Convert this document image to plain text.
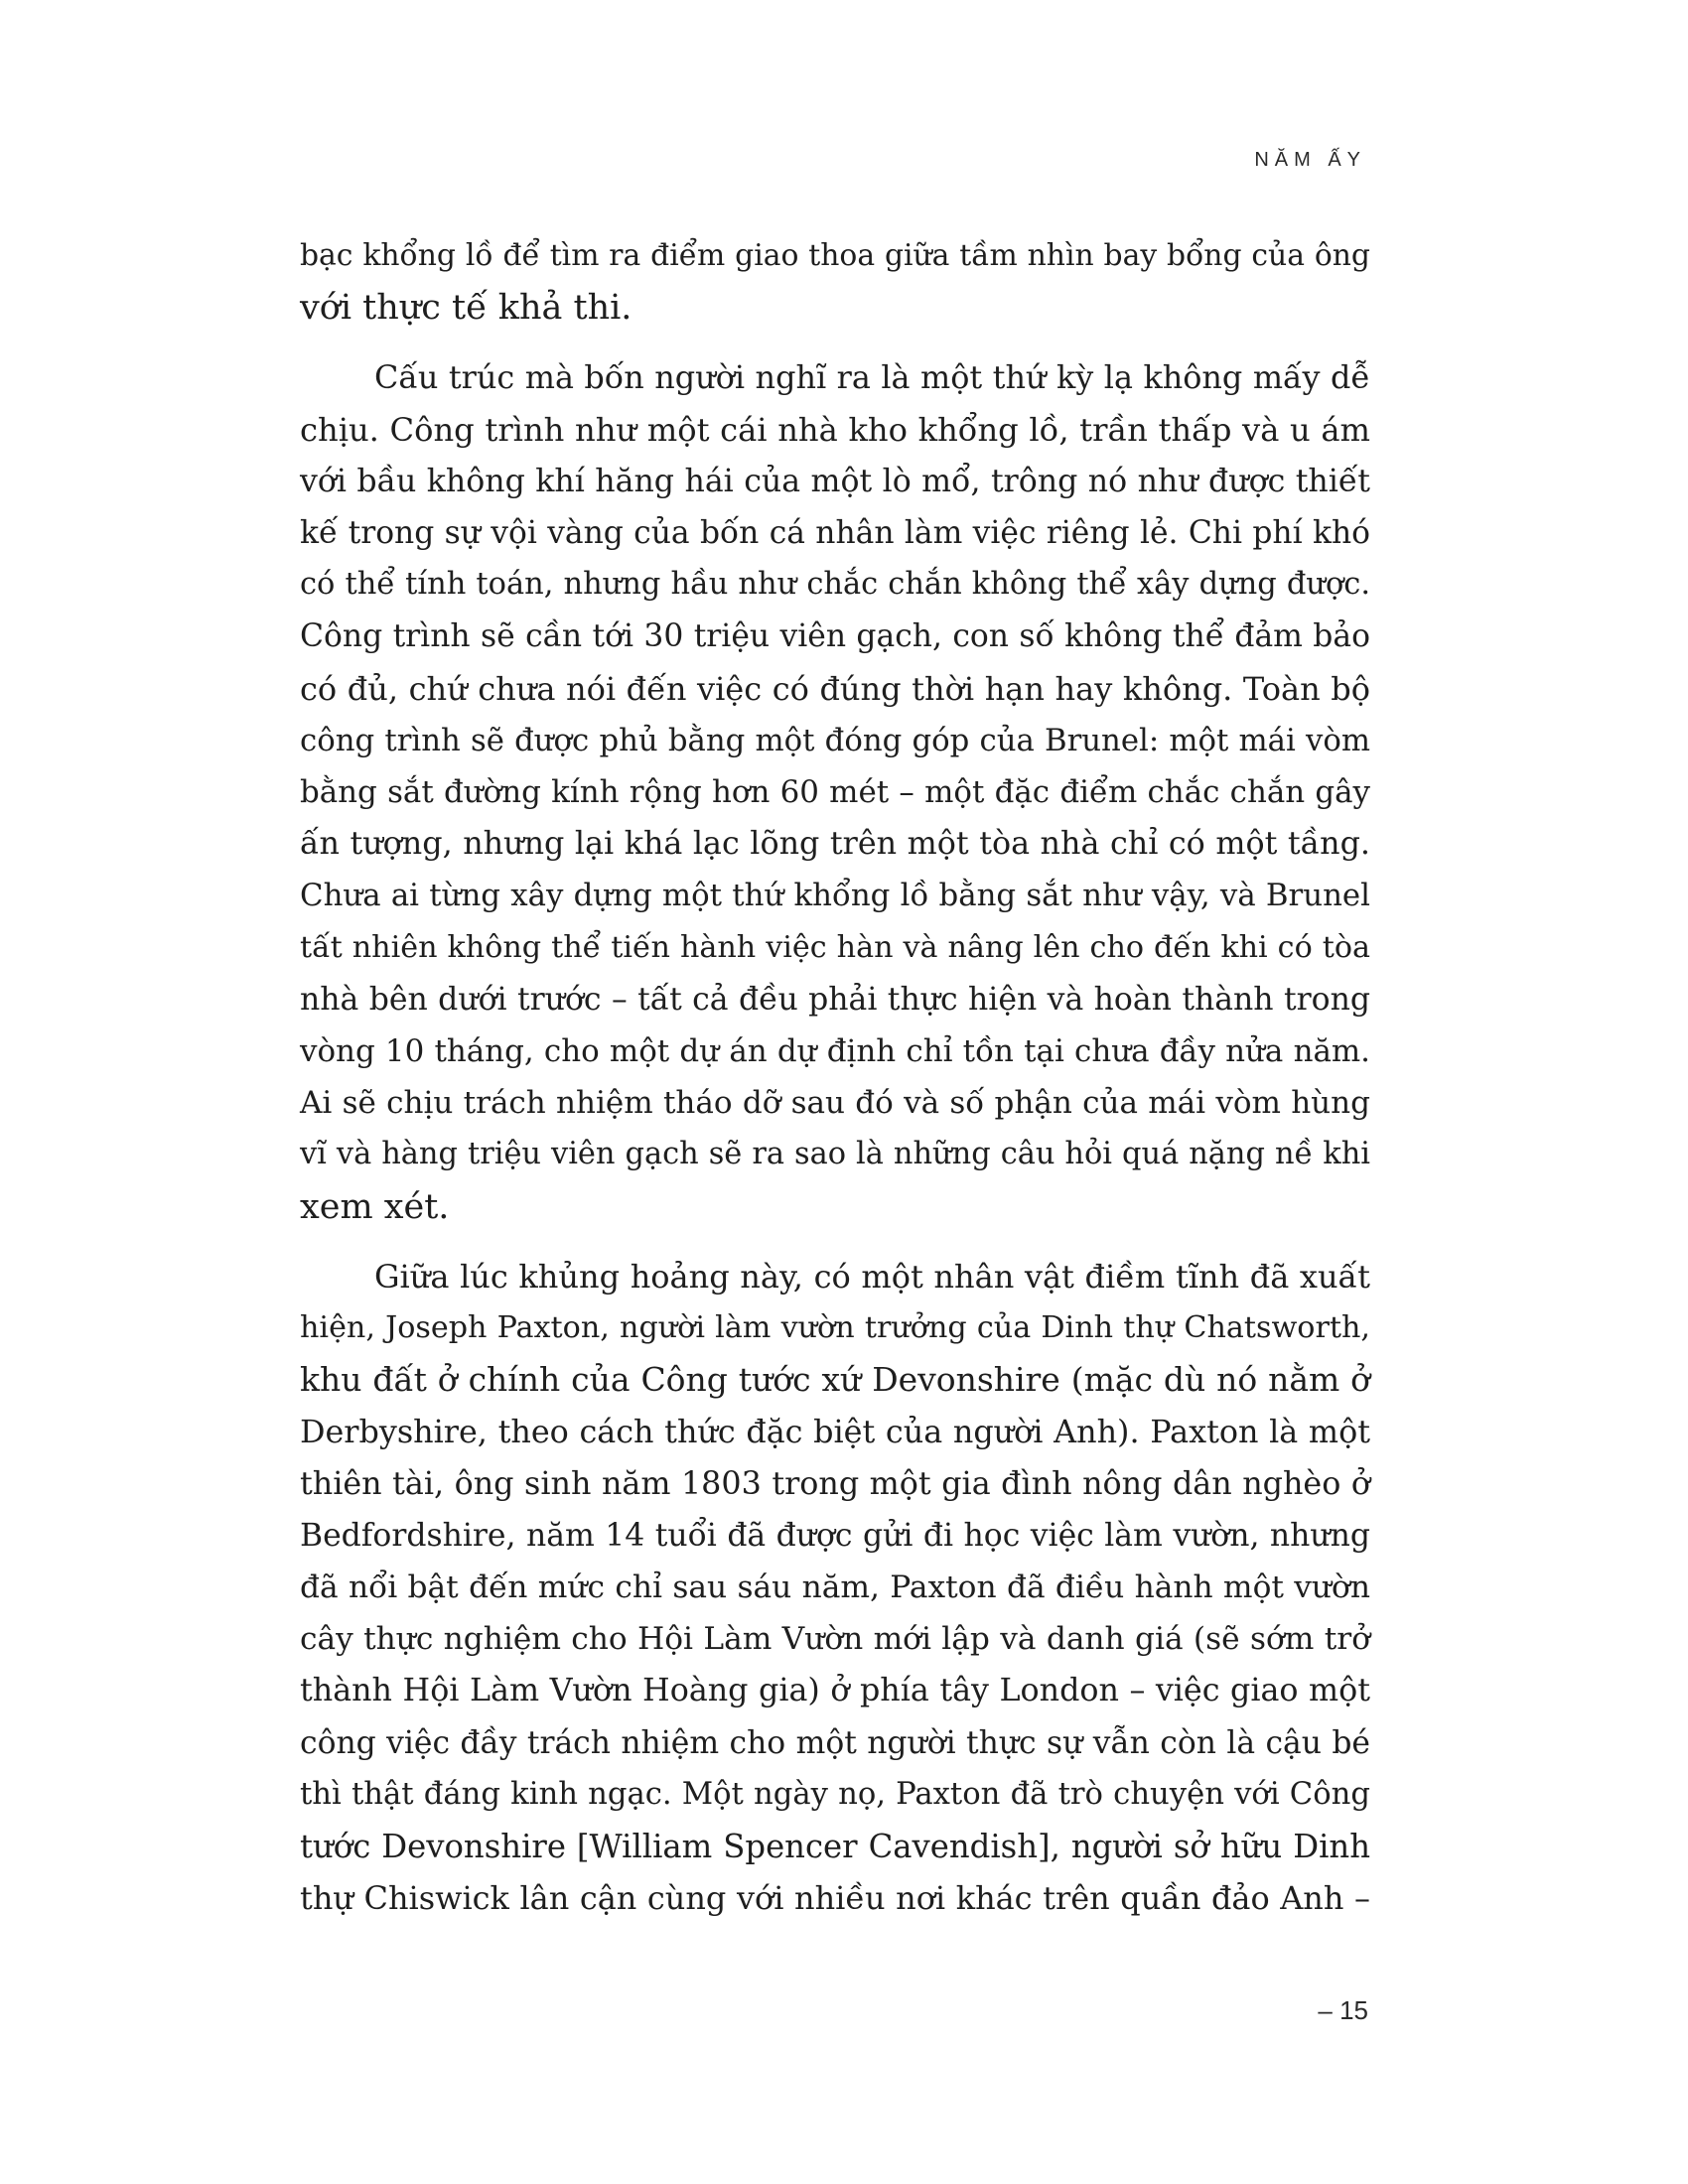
NĂM ẤY
bạc khổng lồ để tìm ra điểm giao thoa giữa tầm nhìn bay bổng của ông
với thực tế khả thi.
Cấu trúc mà bốn người nghĩ ra là một thứ kỳ lạ không mấy dễ
chịu. Công trình như một cái nhà kho khổng lồ, trần thấp và u ám
với bầu không khí hăng hái của một lò mổ, trông nó như được thiết
kế trong sự vội vàng của bốn cá nhân làm việc riêng lẻ. Chi phí khó
có thể tính toán, nhưng hầu như chắc chắn không thể xây dựng được.
Công trình sẽ cần tới 30 triệu viên gạch, con số không thể đảm bảo
có đủ, chứ chưa nói đến việc có đúng thời hạn hay không. Toàn bộ
công trình sẽ được phủ bằng một đóng góp của Brunel: một mái vòm
bằng sắt đường kính rộng hơn 60 mét – một đặc điểm chắc chắn gây
ấn tượng, nhưng lại khá lạc lõng trên một tòa nhà chỉ có một tầng.
Chưa ai từng xây dựng một thứ khổng lồ bằng sắt như vậy, và Brunel
tất nhiên không thể tiến hành việc hàn và nâng lên cho đến khi có tòa
nhà bên dưới trước – tất cả đều phải thực hiện và hoàn thành trong
vòng 10 tháng, cho một dự án dự định chỉ tồn tại chưa đầy nửa năm.
Ai sẽ chịu trách nhiệm tháo dỡ sau đó và số phận của mái vòm hùng
vĩ và hàng triệu viên gạch sẽ ra sao là những câu hỏi quá nặng nề khi
xem xét.
Giữa lúc khủng hoảng này, có một nhân vật điềm tĩnh đã xuất
hiện, Joseph Paxton, người làm vườn trưởng của Dinh thự Chatsworth,
khu đất ở chính của Công tước xứ Devonshire (mặc dù nó nằm ở
Derbyshire, theo cách thức đặc biệt của người Anh). Paxton là một
thiên tài, ông sinh năm 1803 trong một gia đình nông dân nghèo ở
Bedfordshire, năm 14 tuổi đã được gửi đi học việc làm vườn, nhưng
đã nổi bật đến mức chỉ sau sáu năm, Paxton đã điều hành một vườn
cây thực nghiệm cho Hội Làm Vườn mới lập và danh giá (sẽ sớm trở
thành Hội Làm Vườn Hoàng gia) ở phía tây London – việc giao một
công việc đầy trách nhiệm cho một người thực sự vẫn còn là cậu bé
thì thật đáng kinh ngạc. Một ngày nọ, Paxton đã trò chuyện với Công
tước Devonshire [William Spencer Cavendish], người sở hữu Dinh
thự Chiswick lân cận cùng với nhiều nơi khác trên quần đảo Anh –
– 15
